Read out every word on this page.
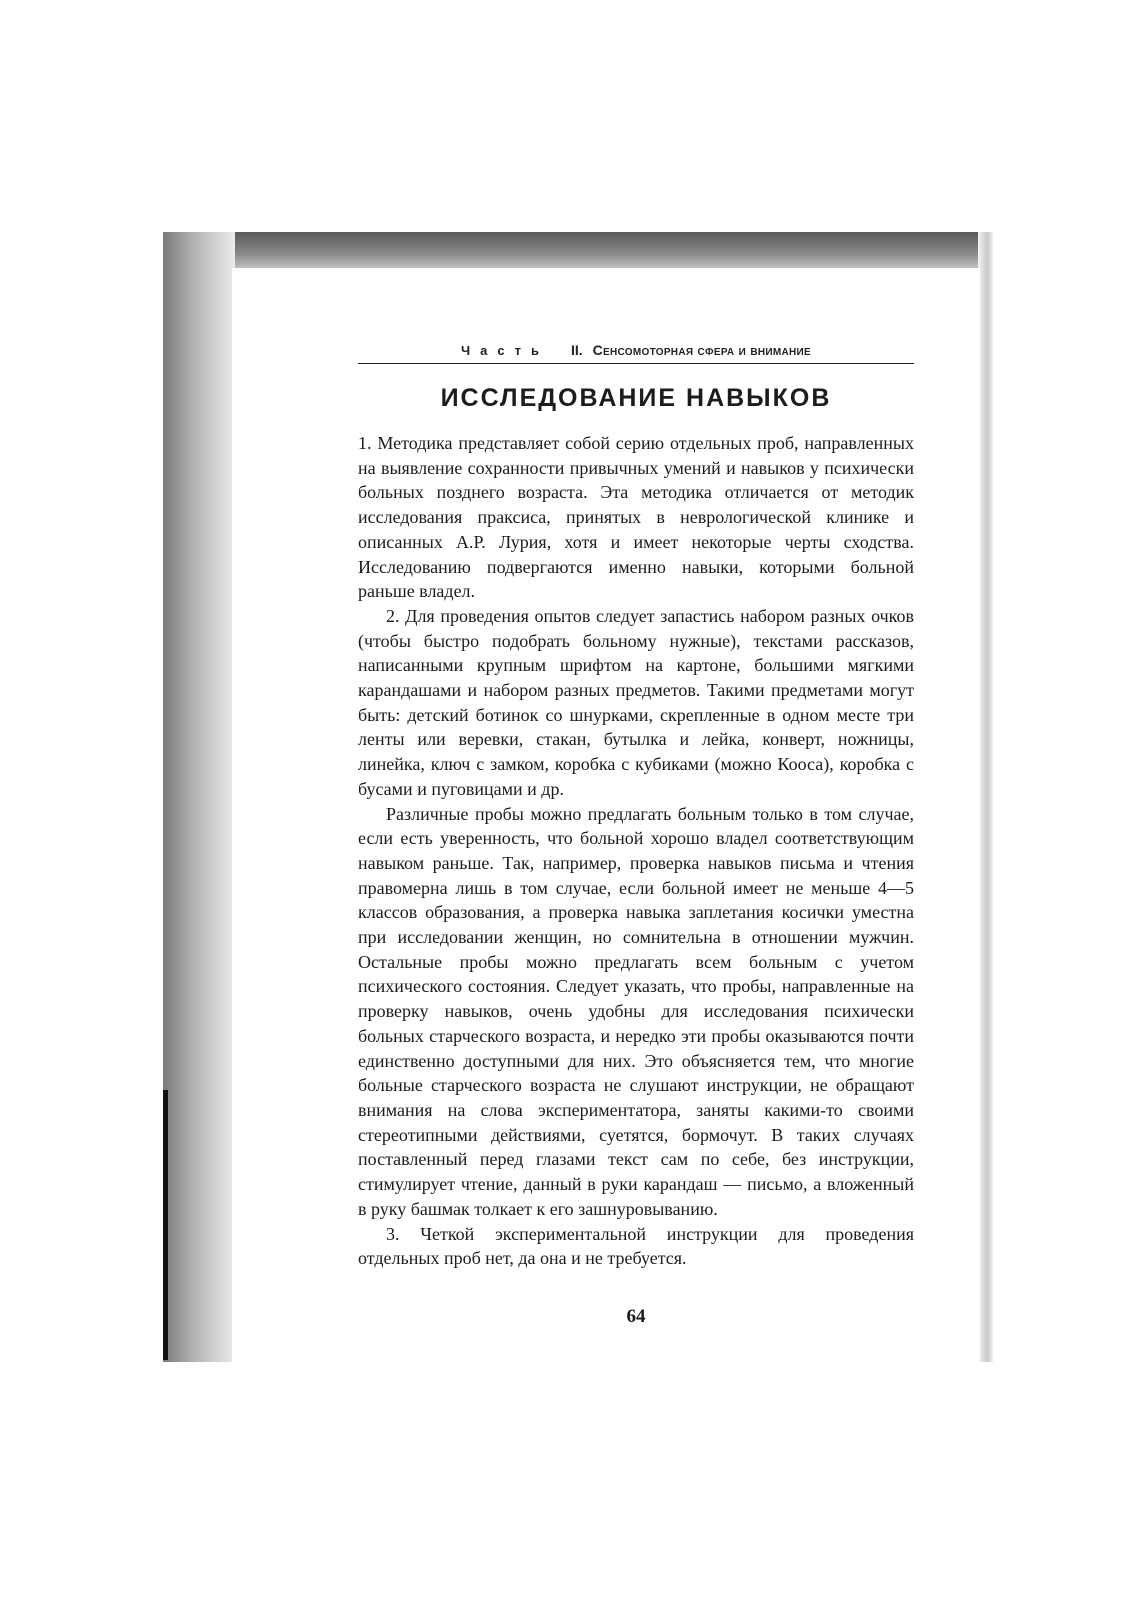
Часть II. Сенсомоторная сфера и внимание
ИССЛЕДОВАНИЕ НАВЫКОВ

1. Методика представляет собой серию отдельных проб, направленных на выявление сохранности привычных умений и навыков у психически больных позднего возраста. Эта методика отличается от методик исследования праксиса, принятых в неврологической клинике и описанных А.Р. Лурия, хотя и имеет некоторые черты сходства. Исследованию подвергаются именно навыки, которыми больной раньше владел.

2. Для проведения опытов следует запастись набором разных очков (чтобы быстро подобрать больному нужные), текстами рассказов, написанными крупным шрифтом на картоне, большими мягкими карандашами и набором разных предметов. Такими предметами могут быть: детский ботинок со шнурками, скрепленные в одном месте три ленты или веревки, стакан, бутылка и лейка, конверт, ножницы, линейка, ключ с замком, коробка с кубиками (можно Кооса), коробка с бусами и пуговицами и др.

Различные пробы можно предлагать больным только в том случае, если есть уверенность, что больной хорошо владел соответствующим навыком раньше. Так, например, проверка навыков письма и чтения правомерна лишь в том случае, если больной имеет не меньше 4—5 классов образования, а проверка навыка заплетания косички уместна при исследовании женщин, но сомнительна в отношении мужчин. Остальные пробы можно предлагать всем больным с учетом психического состояния. Следует указать, что пробы, направленные на проверку навыков, очень удобны для исследования психически больных старческого возраста, и нередко эти пробы оказываются почти единственно доступными для них. Это объясняется тем, что многие больные старческого возраста не слушают инструкции, не обращают внимания на слова экспериментатора, заняты какими-то своими стереотипными действиями, суетятся, бормочут. В таких случаях поставленный перед глазами текст сам по себе, без инструкции, стимулирует чтение, данный в руки карандаш — письмо, а вложенный в руку башмак толкает к его зашнуровыванию.

3. Четкой экспериментальной инструкции для проведения отдельных проб нет, да она и не требуется.

64
